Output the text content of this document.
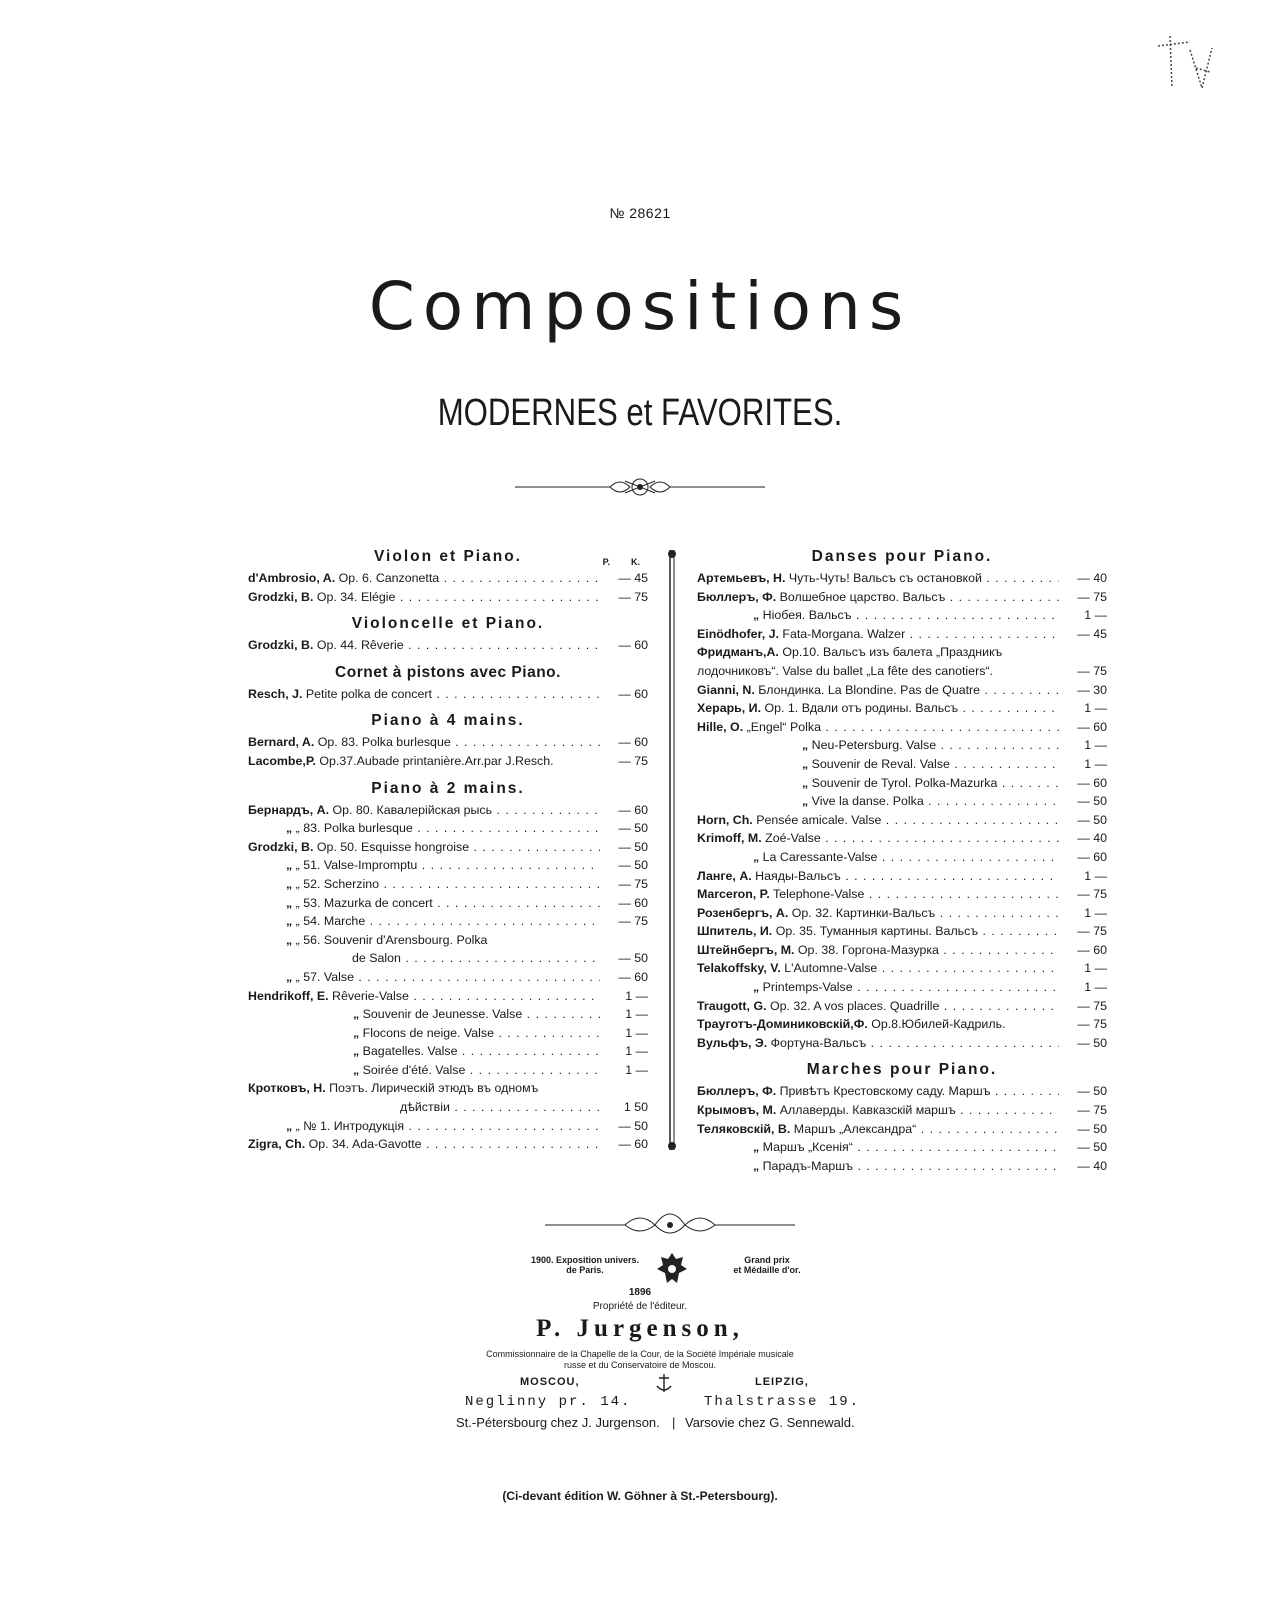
№ 28621
Compositions
MODERNES et FAVORITES.
Violon et Piano.	P. K.
d'Ambrosio, A. Op. 6. Canzonetta . . .	— 45
Grodzki, B. Op. 34. Elégie . . .	— 75
Violoncelle et Piano.
Grodzki, B. Op. 44. Rêverie . . .	— 60
Cornet à pistons avec Piano.
Resch, J. Petite polka de concert . . .	— 60
Piano à 4 mains.
Bernard, A. Op. 83. Polka burlesque . . .	— 60
Lacombe,P. Op.37.Aubade printanière.Arr.par J.Resch.	— 75
Piano à 2 mains.
Бернардъ, А. Op. 80. Кавалерійская рысь . . .	— 60
„ „ 83. Polka burlesque . . .	— 50
Grodzki, B. Op. 50. Esquisse hongroise . . .	— 50
„ „ 51. Valse-Impromptu . . .	— 50
„ „ 52. Scherzino . . .	— 75
„ „ 53. Mazurka de concert . . .	— 60
„ „ 54. Marche . . .	— 75
„ „ 56. Souvenir d'Arensbourg. Polka
de Salon . . .	— 50
„ „ 57. Valse . . .	— 60
Hendrikoff, E. Rêverie-Valse . . .	1 —
„ Souvenir de Jeunesse. Valse . . .	1 —
„ Flocons de neige. Valse . . .	1 —
„ Bagatelles. Valse . . .	1 —
„ Soirée d'été. Valse . . .	1 —
Кротковъ, Н. Поэтъ. Лирическій этюдъ въ одномъ
дѣйствіи . . .	1 50
„ „ № 1. Интродукція . . .	— 50
Zigra, Ch. Op. 34. Ada-Gavotte . . .	— 60
Danses pour Piano.
Артемьевъ, Н. Чуть-Чуть! Вальсъ съ остановкой . . .	— 40
Бюллеръ, Ф. Волшебное царство. Вальсъ . . .	— 75
„ Ніобея. Вальсъ . . .	1 —
Einödhofer, J. Fata-Morgana. Walzer . . .	— 45
Фридманъ,А. Op.10. Вальсъ изъ балета „Праздникъ
лодочниковъ“. Valse du ballet „La fête des canotiers“.	— 75
Gianni, N. Блондинка. La Blondine. Pas de Quatre . . .	— 30
Херарь, И. Op. 1. Вдали отъ родины. Вальсъ . . .	1 —
Hille, O. „Engel“ Polka . . .	— 60
„ Neu-Petersburg. Valse . . .	1 —
„ Souvenir de Reval. Valse . . .	1 —
„ Souvenir de Tyrol. Polka-Mazurka . . .	— 60
„ Vive la danse. Polka . . .	— 50
Horn, Ch. Pensée amicale. Valse . . .	— 50
Krimoff, M. Zoé-Valse . . .	— 40
„ La Caressante-Valse . . .	— 60
Ланге, А. Наяды-Вальсъ . . .	1 —
Marceron, P. Telephone-Valse . . .	— 75
Розенбергъ, А. Op. 32. Картинки-Вальсъ . . .	1 —
Шпитель, И. Op. 35. Туманныя картины. Вальсъ . . .	— 75
Штейнбергъ, М. Op. 38. Горгона-Мазурка . . .	— 60
Telakoffsky, V. L'Automne-Valse . . .	1 —
„ Printemps-Valse . . .	1 —
Traugott, G. Op. 32. A vos places. Quadrille . . .	— 75
Трауготъ-Доминиковскій,Ф. Op.8.Юбилей-Кадриль.	— 75
Вульфъ, Э. Фортуна-Вальсъ . . .	— 50
Marches pour Piano.
Бюллеръ, Ф. Привѣтъ Крестовскому саду. Маршъ . . .	— 50
Крымовъ, М. Аллаверды. Кавказскій маршъ . . .	— 75
Теляковскій, В. Маршъ „Александра“ . . .	— 50
„ Маршъ „Ксенія“ . . .	— 50
„ Парадъ-Маршъ . . .	— 40
1900. Exposition univers.
de Paris.
Grand prix
et Médaille d'or.
1896
Propriété de l'éditeur.
P. Jurgenson,
Commissionnaire de la Chapelle de la Cour, de la Société Impériale musicale
russe et du Conservatoire de Moscou.
MOSCOU,	LEIPZIG,
Neglinny pr. 14.	Thalstrasse 19.
St.-Pétersbourg chez J. Jurgenson. | Varsovie chez G. Sennewald.
(Ci-devant édition W. Göhner à St.-Petersbourg).
